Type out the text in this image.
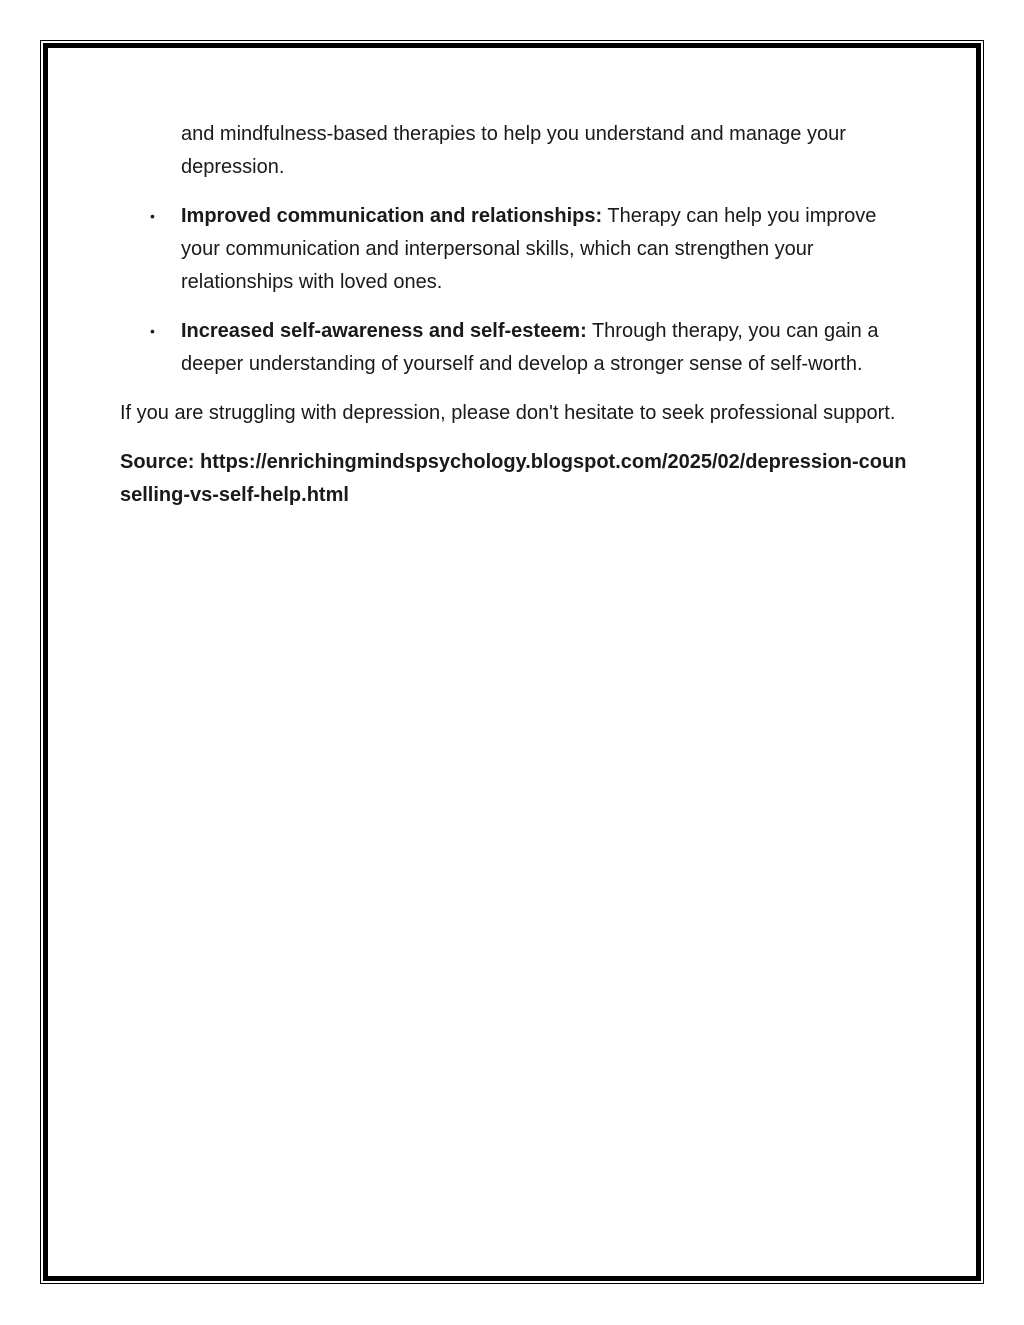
and mindfulness-based therapies to help you understand and manage your depression.

• Improved communication and relationships: Therapy can help you improve your communication and interpersonal skills, which can strengthen your relationships with loved ones.
• Increased self-awareness and self-esteem: Through therapy, you can gain a deeper understanding of yourself and develop a stronger sense of self-worth.

If you are struggling with depression, please don't hesitate to seek professional support.

Source: https://enrichingmindspsychology.blogspot.com/2025/02/depression-counselling-vs-self-help.html
